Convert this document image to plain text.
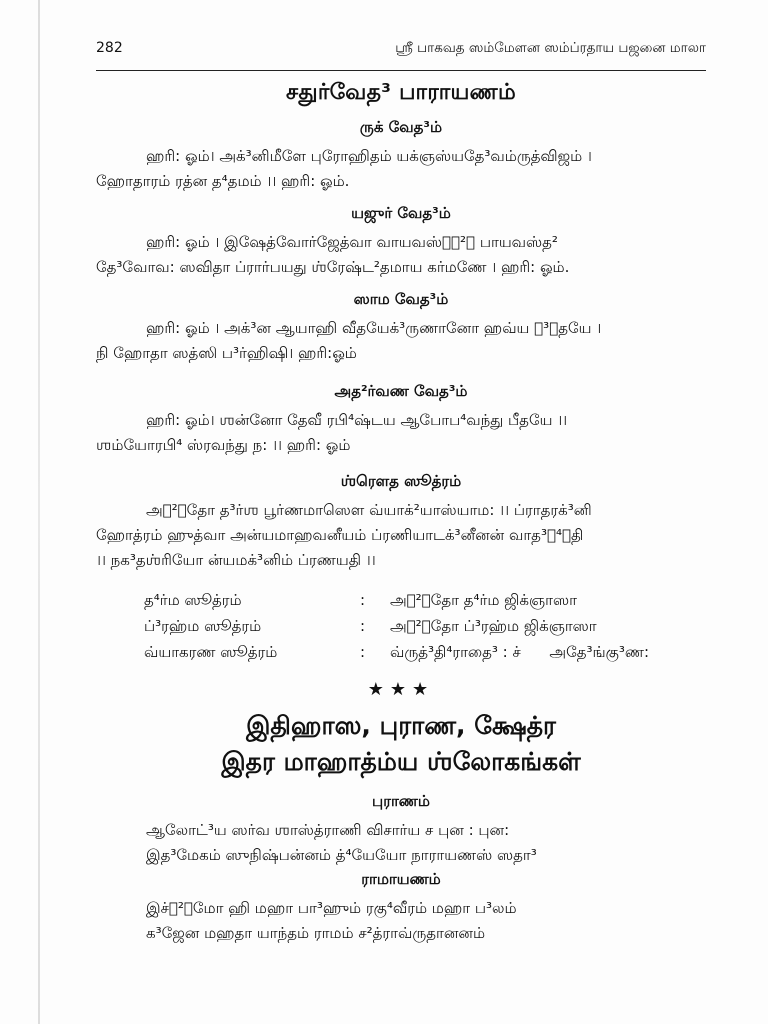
282	ஸ்ரீ பாகவத ஸம்மேளன ஸம்ப்ரதாய பஜனை மாலா
சதுர்வேத³ பாராயணம்
ருக் வேத³ம்
ஹரி: ஓம்। அக்³னிமீளே புரோஹிதம் யக்ஞஸ்யதே³வம்ருத்விஜம் ।
ஹோதாரம் ரத்ன த⁴தமம் ।। ஹரி: ஓம்.
யஜுர் வேத³ம்
ஹரி: ஓம் । இஷேத்வோர்ஜேத்வா வாயவஸ்தே²ா பாயவஸ்த²
தே³வோவ: ஸவிதா ப்ரார்பயது ஶ்ரேஷ்ட²தமாய கர்மணே । ஹரி: ஓம்.
ஸாம வேத³ம்
ஹரி: ஓம் । அக்³ன ஆயாஹி வீதயேக்³ருணானோ ஹவ்ய த³ாதயே ।
நி ஹோதா ஸத்ஸி ப³ர்ஹிஷி। ஹரி:ஓம்
அத²ர்வண வேத³ம்
ஹரி: ஓம்। ஶன்னோ தேவீ ரபி⁴ஷ்டய ஆபோப⁴வந்து பீதயே ।।
ஶம்யோரபி⁴ ஸ்ரவந்து ந: ।। ஹரி: ஓம்
ஶ்ரௌத ஸூத்ரம்
அத²ாதோ த³ர்ஶ பூர்ணமாஸௌ வ்யாக்²யாஸ்யாம: ।। ப்ராதரக்³னி
ஹோத்ரம் ஹுத்வா அன்யமாஹவனீயம் ப்ரணியாடக்³னீனன் வாத³த⁴ாதி
।। நக³தஶ்ரியோ ன்யமக்³னிம் ப்ரணயதி ।।
த⁴ர்ம ஸூத்ரம்	:	அத²ாதோ த⁴ர்ம ஜிக்ஞாஸா
ப்³ரஹ்ம ஸூத்ரம்	:	அத²ாதோ ப்³ரஹ்ம ஜிக்ஞாஸா
வ்யாகரண ஸூத்ரம்	:	வ்ருத்³தி⁴ராதை³ : ச்      அதே³ங்கு³ண:
★★★
இதிஹாஸ, புராண, க்ஷேத்ர
இதர மாஹாத்ம்ய ஶ்லோகங்கள்
புராணம்
ஆலோட்³ய ஸர்வ ஶாஸ்த்ராணி விசார்ய ச புன : புன:
இத³மேகம் ஸுநிஷ்பன்னம் த்⁴யேயோ நாராயணஸ் ஸதா³
ராமாயணம்
இச்ச²ாமோ ஹி மஹா பா³ஹும் ரகு⁴வீரம் மஹா ப³லம்
க³ஜேன மஹதா யாந்தம் ராமம் ச²த்ராவ்ருதானனம்
